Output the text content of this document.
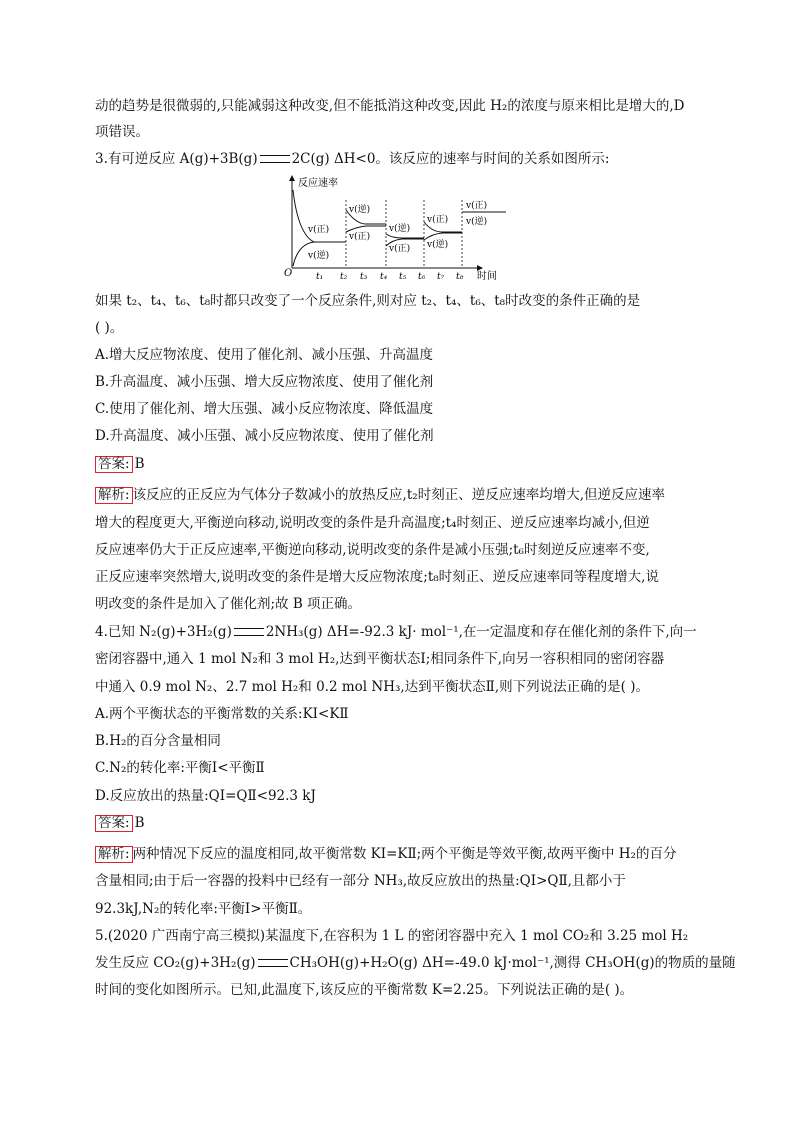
动的趋势是很微弱的,只能减弱这种改变,但不能抵消这种改变,因此 H₂的浓度与原来相比是增大的,D
项错误。
3.有可逆反应 A(g)+3B(g)	2C(g) ΔH<0。该反应的速率与时间的关系如图所示:
反应速率
O	时间
v(正)
v(逆)
v(逆)
v(正)
v(逆)
v(正)
v(正)
v(逆)
v(正)
v(逆)
t₁ t₂ t₃ t₄ t₅ t₆ t₇ t₈
如果 t₂、t₄、t₆、t₈时都只改变了一个反应条件,则对应 t₂、t₄、t₆、t₈时改变的条件正确的是
( )。
A.增大反应物浓度、使用了催化剂、减小压强、升高温度
B.升高温度、减小压强、增大反应物浓度、使用了催化剂
C.使用了催化剂、增大压强、减小反应物浓度、降低温度
D.升高温度、减小压强、减小反应物浓度、使用了催化剂
答案: B
解析: 该反应的正反应为气体分子数减小的放热反应,t₂时刻正、逆反应速率均增大,但逆反应速率
增大的程度更大,平衡逆向移动,说明改变的条件是升高温度;t₄时刻正、逆反应速率均减小,但逆
反应速率仍大于正反应速率,平衡逆向移动,说明改变的条件是减小压强;t₆时刻逆反应速率不变,
正反应速率突然增大,说明改变的条件是增大反应物浓度;t₈时刻正、逆反应速率同等程度增大,说
明改变的条件是加入了催化剂;故 B 项正确。
4.已知 N₂(g)+3H₂(g)	2NH₃(g) ΔH=-92.3 kJ· mol⁻¹,在一定温度和存在催化剂的条件下,向一
密闭容器中,通入 1 mol N₂和 3 mol H₂,达到平衡状态Ⅰ;相同条件下,向另一容积相同的密闭容器
中通入 0.9 mol N₂、2.7 mol H₂和 0.2 mol NH₃,达到平衡状态Ⅱ,则下列说法正确的是( )。
A.两个平衡状态的平衡常数的关系:KⅠ<KⅡ
B.H₂的百分含量相同
C.N₂的转化率:平衡Ⅰ<平衡Ⅱ
D.反应放出的热量:QⅠ=QⅡ<92.3 kJ
答案: B
解析: 两种情况下反应的温度相同,故平衡常数 KⅠ=KⅡ;两个平衡是等效平衡,故两平衡中 H₂的百分
含量相同;由于后一容器的投料中已经有一部分 NH₃,故反应放出的热量:QⅠ>QⅡ,且都小于
92.3kJ,N₂的转化率:平衡Ⅰ>平衡Ⅱ。
5.(2020 广西南宁高三模拟)某温度下,在容积为 1 L 的密闭容器中充入 1 mol CO₂和 3.25 mol H₂
发生反应 CO₂(g)+3H₂(g)	CH₃OH(g)+H₂O(g) ΔH=-49.0 kJ·mol⁻¹,测得 CH₃OH(g)的物质的量随
时间的变化如图所示。已知,此温度下,该反应的平衡常数 K=2.25。下列说法正确的是( )。
